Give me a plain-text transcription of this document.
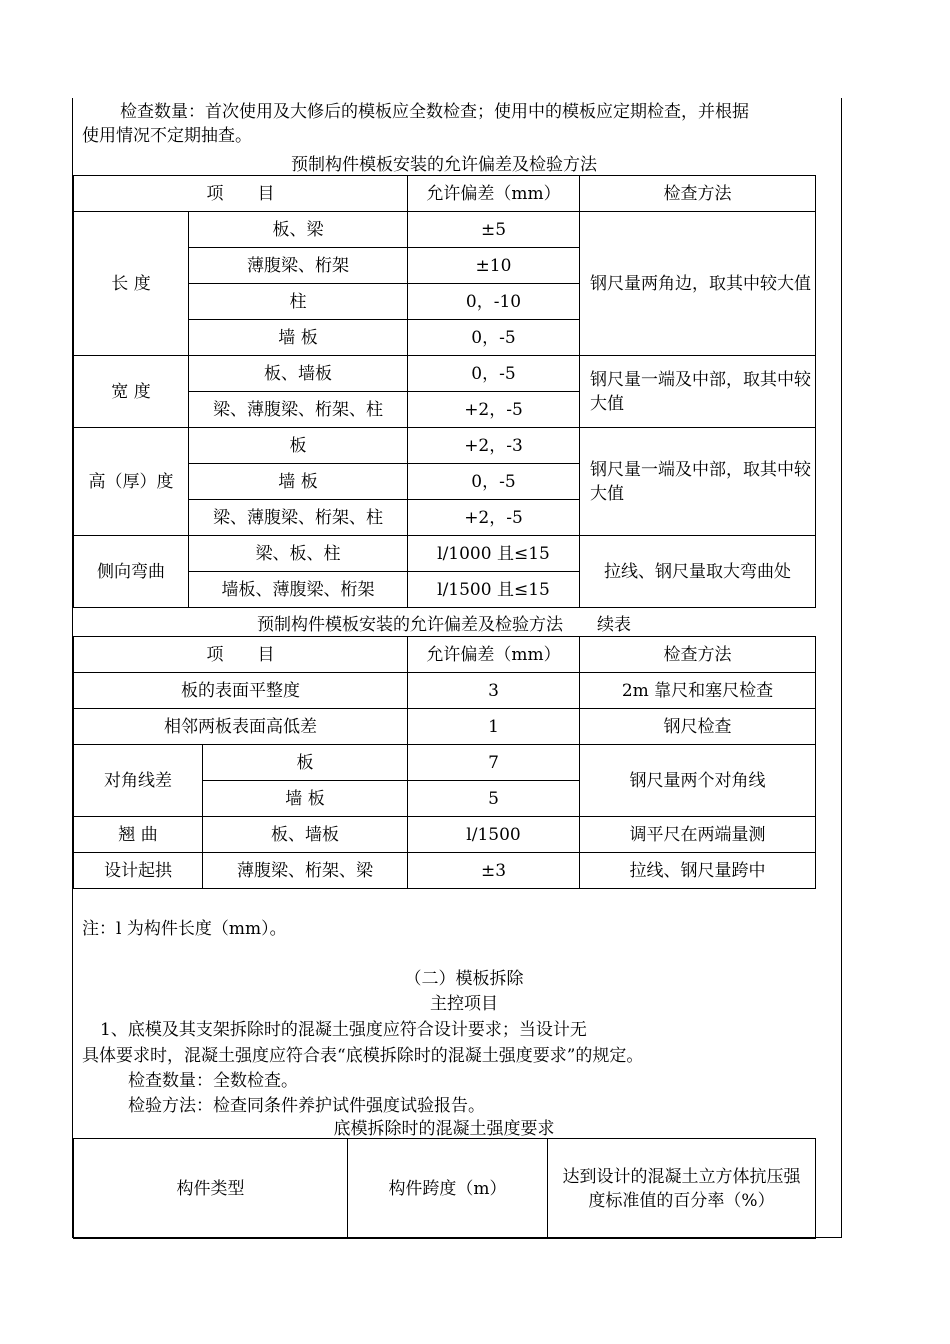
检查数量：首次使用及大修后的模板应全数检查；使用中的模板应定期检查，并根据
使用情况不定期抽查。
预制构件模板安装的允许偏差及检验方法
项　　目		允许偏差（mm）	检查方法
长 度	板、梁	±5	钢尺量两角边，取其中较大值
	薄腹梁、桁架	±10	
	柱	0，-10	
	墙 板	0，-5	
宽 度	板、墙板	0，-5	钢尺量一端及中部，取其中较大值
	梁、薄腹梁、桁架、柱	+2，-5	
高（厚）度	板	+2，-3	钢尺量一端及中部，取其中较大值
	墙 板	0，-5	
	梁、薄腹梁、桁架、柱	+2，-5	
侧向弯曲	梁、板、柱	l/1000 且≤15	拉线、钢尺量取大弯曲处
	墙板、薄腹梁、桁架	l/1500 且≤15	
预制构件模板安装的允许偏差及检验方法　　续表
项　　目		允许偏差（mm）	检查方法
板的表面平整度		3	2m 靠尺和塞尺检查
相邻两板表面高低差		1	钢尺检查
对角线差	板	7	钢尺量两个对角线
	墙 板	5	
翘 曲	板、墙板	l/1500	调平尺在两端量测
设计起拱	薄腹梁、桁架、梁	±3	拉线、钢尺量跨中
注：l 为构件长度（mm）。
（二）模板拆除
主控项目
1、底模及其支架拆除时的混凝土强度应符合设计要求；当设计无
具体要求时，混凝土强度应符合表“底模拆除时的混凝土强度要求”的规定。
检查数量：全数检查。
检验方法：检查同条件养护试件强度试验报告。
底模拆除时的混凝土强度要求
构件类型	构件跨度（m）	达到设计的混凝土立方体抗压强度标准值的百分率（%）
